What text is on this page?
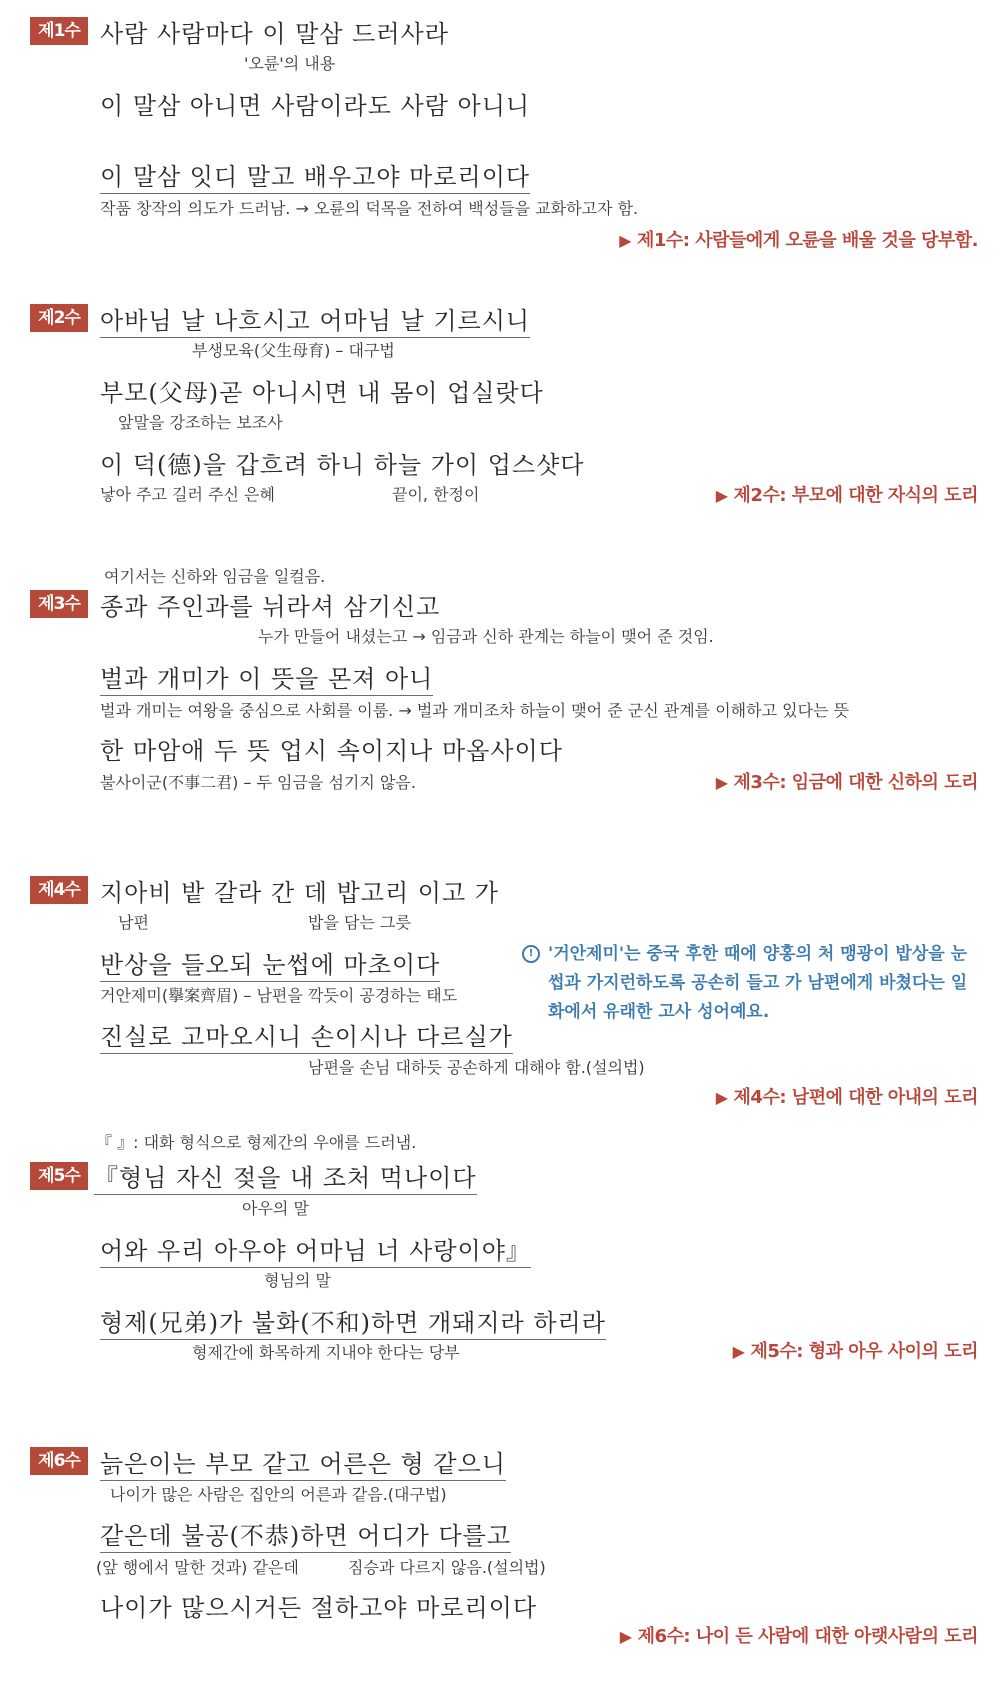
제1수 사람 사람마다 이 말삼 드러사라
'오륜'의 내용
이 말삼 아니면 사람이라도 사람 아니니
이 말삼 잇디 말고 배우고야 마로리이다
작품 창작의 의도가 드러남. → 오륜의 덕목을 전하여 백성들을 교화하고자 함.
▶ 제1수: 사람들에게 오륜을 배울 것을 당부함.
제2수 아바님 날 나흐시고 어마님 날 기르시니
부생모육(父生母育) – 대구법
부모(父母)곧 아니시면 내 몸이 업실랏다
앞말을 강조하는 보조사
이 덕(德)을 갑흐려 하니 하늘 가이 업스샷다
낳아 주고 길러 주신 은혜	끝이, 한정이	▶ 제2수: 부모에 대한 자식의 도리
여기서는 신하와 임금을 일컬음.
제3수 종과 주인과를 뉘라셔 삼기신고
누가 만들어 내셨는고 → 임금과 신하 관계는 하늘이 맺어 준 것임.
벌과 개미가 이 뜻을 몬져 아니
벌과 개미는 여왕을 중심으로 사회를 이룸. → 벌과 개미조차 하늘이 맺어 준 군신 관계를 이해하고 있다는 뜻
한 마암애 두 뜻 업시 속이지나 마옵사이다
불사이군(不事二君) – 두 임금을 섬기지 않음.	▶ 제3수: 임금에 대한 신하의 도리
제4수 지아비 밭 갈라 간 데 밥고리 이고 가
남편	밥을 담는 그릇
반상을 들오되 눈썹에 마초이다
거안제미(擧案齊眉) – 남편을 깍듯이 공경하는 태도
진실로 고마오시니 손이시나 다르실가
남편을 손님 대하듯 공손하게 대해야 함.(설의법)
! '거안제미'는 중국 후한 때에 양홍의 처 맹광이 밥상을 눈썹과 가지런하도록 공손히 들고 가 남편에게 바쳤다는 일화에서 유래한 고사 성어예요.
▶ 제4수: 남편에 대한 아내의 도리
『 』: 대화 형식으로 형제간의 우애를 드러냄.
제5수 『형님 자신 젖을 내 조처 먹나이다
아우의 말
어와 우리 아우야 어마님 너 사랑이야』
형님의 말
형제(兄弟)가 불화(不和)하면 개돼지라 하리라
형제간에 화목하게 지내야 한다는 당부	▶ 제5수: 형과 아우 사이의 도리
제6수 늙은이는 부모 같고 어른은 형 같으니
나이가 많은 사람은 집안의 어른과 같음.(대구법)
같은데 불공(不恭)하면 어디가 다를고
(앞 행에서 말한 것과) 같은데	짐승과 다르지 않음.(설의법)
나이가 많으시거든 절하고야 마로리이다
▶ 제6수: 나이 든 사람에 대한 아랫사람의 도리
